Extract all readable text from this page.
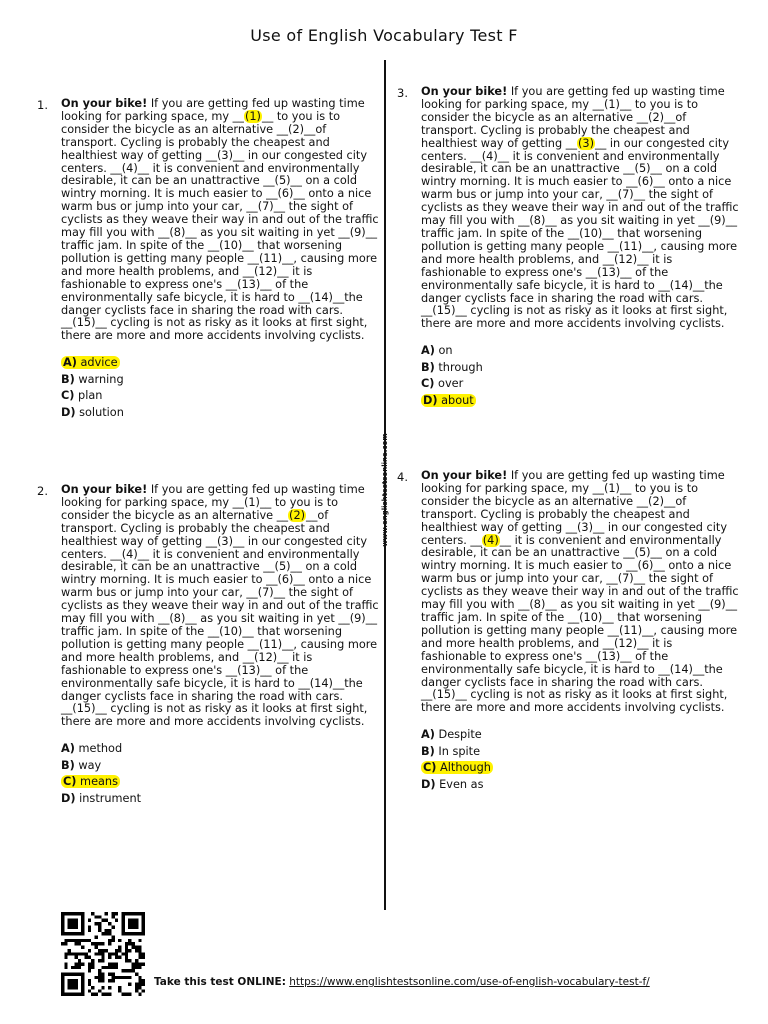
Use of English Vocabulary Test F
www.englishtestsonline.com
1. On your bike! If you are getting fed up wasting time looking for parking space, my __(1)__ to you is to consider the bicycle as an alternative __(2)__of transport. Cycling is probably the cheapest and healthiest way of getting __(3)__ in our congested city centers. __(4)__ it is convenient and environmentally desirable, it can be an unattractive __(5)__ on a cold wintry morning. It is much easier to __(6)__ onto a nice warm bus or jump into your car, __(7)__ the sight of cyclists as they weave their way in and out of the traffic may fill you with __(8)__ as you sit waiting in yet __(9)__ traffic jam. In spite of the __(10)__ that worsening pollution is getting many people __(11)__, causing more and more health problems, and __(12)__ it is fashionable to express one's __(13)__ of the environmentally safe bicycle, it is hard to __(14)__the danger cyclists face in sharing the road with cars. __(15)__ cycling is not as risky as it looks at first sight, there are more and more accidents involving cyclists.

A) advice
B) warning
C) plan
D) solution
2. On your bike! If you are getting fed up wasting time looking for parking space, my __(1)__ to you is to consider the bicycle as an alternative __(2)__of transport. Cycling is probably the cheapest and healthiest way of getting __(3)__ in our congested city centers. __(4)__ it is convenient and environmentally desirable, it can be an unattractive __(5)__ on a cold wintry morning. It is much easier to __(6)__ onto a nice warm bus or jump into your car, __(7)__ the sight of cyclists as they weave their way in and out of the traffic may fill you with __(8)__ as you sit waiting in yet __(9)__ traffic jam. In spite of the __(10)__ that worsening pollution is getting many people __(11)__, causing more and more health problems, and __(12)__ it is fashionable to express one's __(13)__ of the environmentally safe bicycle, it is hard to __(14)__the danger cyclists face in sharing the road with cars. __(15)__ cycling is not as risky as it looks at first sight, there are more and more accidents involving cyclists.

A) method
B) way
C) means
D) instrument
3. On your bike! If you are getting fed up wasting time looking for parking space, my __(1)__ to you is to consider the bicycle as an alternative __(2)__of transport. Cycling is probably the cheapest and healthiest way of getting __(3)__ in our congested city centers. __(4)__ it is convenient and environmentally desirable, it can be an unattractive __(5)__ on a cold wintry morning. It is much easier to __(6)__ onto a nice warm bus or jump into your car, __(7)__ the sight of cyclists as they weave their way in and out of the traffic may fill you with __(8)__ as you sit waiting in yet __(9)__ traffic jam. In spite of the __(10)__ that worsening pollution is getting many people __(11)__, causing more and more health problems, and __(12)__ it is fashionable to express one's __(13)__ of the environmentally safe bicycle, it is hard to __(14)__the danger cyclists face in sharing the road with cars. __(15)__ cycling is not as risky as it looks at first sight, there are more and more accidents involving cyclists.

A) on
B) through
C) over
D) about
4. On your bike! If you are getting fed up wasting time looking for parking space, my __(1)__ to you is to consider the bicycle as an alternative __(2)__of transport. Cycling is probably the cheapest and healthiest way of getting __(3)__ in our congested city centers. __(4)__ it is convenient and environmentally desirable, it can be an unattractive __(5)__ on a cold wintry morning. It is much easier to __(6)__ onto a nice warm bus or jump into your car, __(7)__ the sight of cyclists as they weave their way in and out of the traffic may fill you with __(8)__ as you sit waiting in yet __(9)__ traffic jam. In spite of the __(10)__ that worsening pollution is getting many people __(11)__, causing more and more health problems, and __(12)__ it is fashionable to express one's __(13)__ of the environmentally safe bicycle, it is hard to __(14)__the danger cyclists face in sharing the road with cars. __(15)__ cycling is not as risky as it looks at first sight, there are more and more accidents involving cyclists.

A) Despite
B) In spite
C) Although
D) Even as
Take this test ONLINE: https://www.englishtestsonline.com/use-of-english-vocabulary-test-f/
